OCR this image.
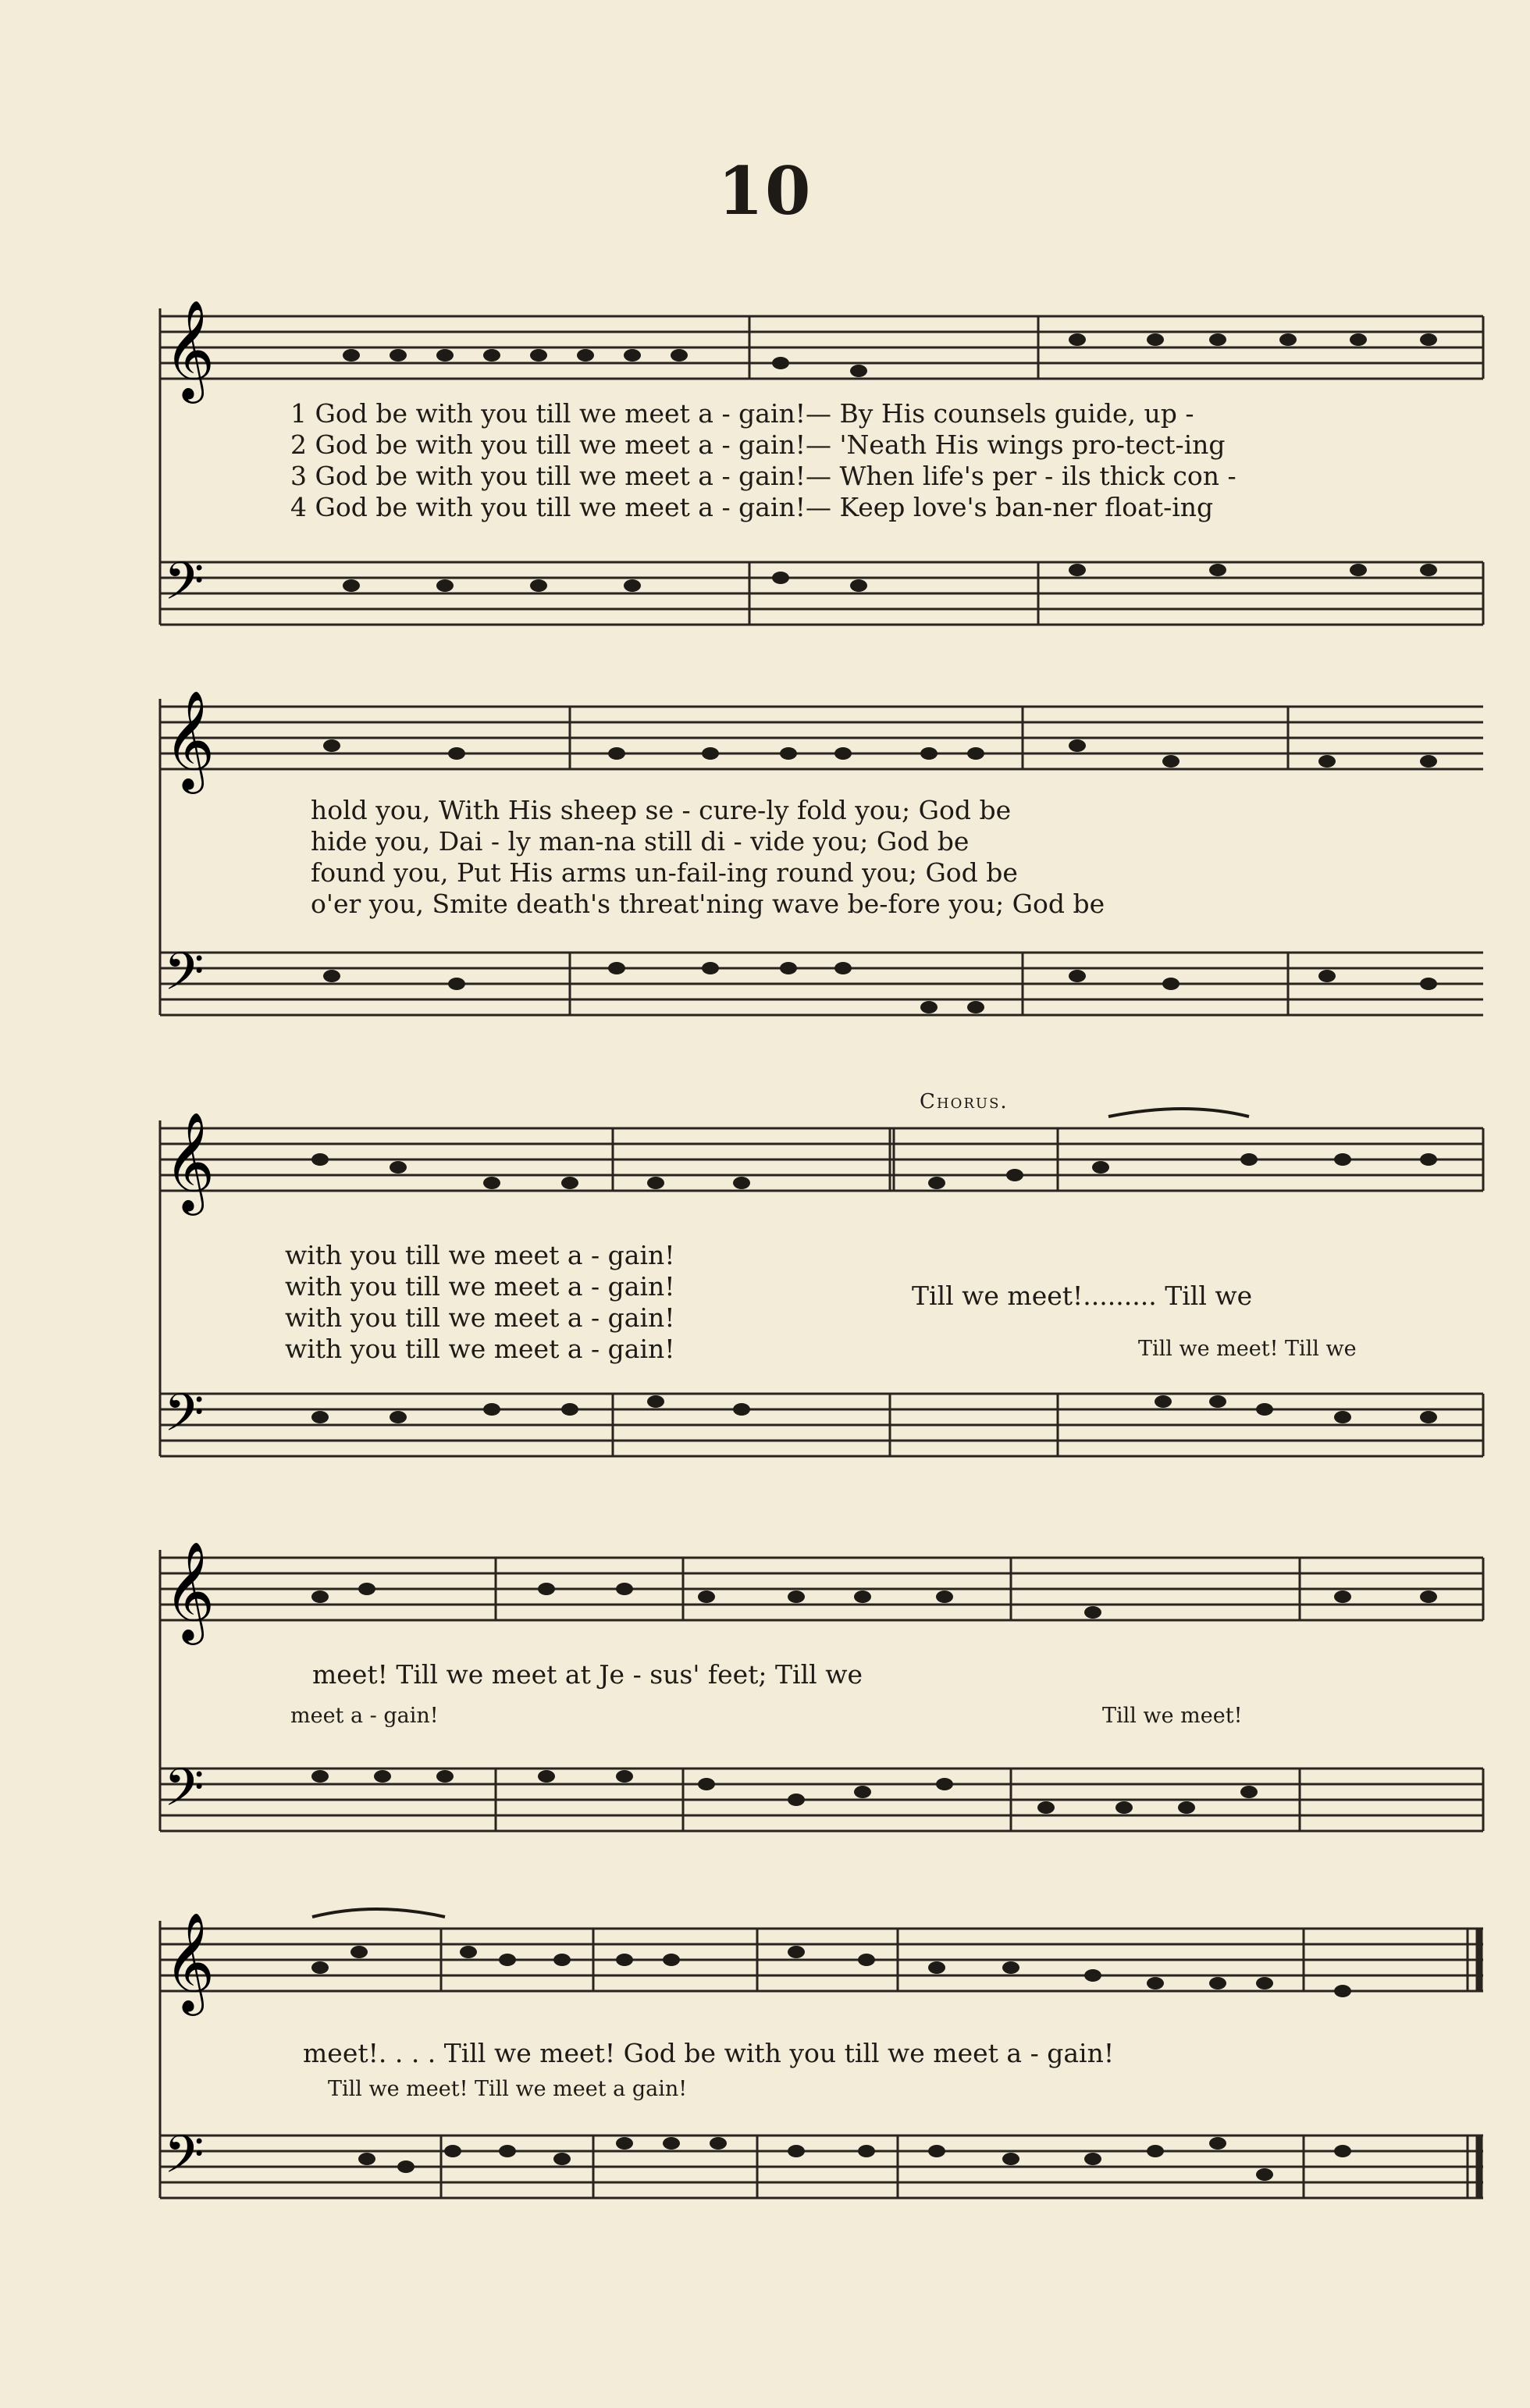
10
𝄞
1 God be with you till we meet a - gain!— By His counsels guide, up -
2 God be with you till we meet a - gain!— 'Neath His wings pro-tect-ing
3 God be with you till we meet a - gain!— When life's per - ils thick con -
4 God be with you till we meet a - gain!— Keep love's ban-ner float-ing
𝄢
𝄞
hold you, With His sheep se - cure-ly fold you; God be
hide you, Dai - ly man-na still di - vide you; God be
found you, Put His arms un-fail-ing round you; God be
o'er you, Smite death's threat'ning wave be-fore you; God be
𝄢
Chorus.
𝄞
with you till we meet a - gain!
with you till we meet a - gain!
with you till we meet a - gain!
with you till we meet a - gain!
Till we meet!......... Till we
Till we meet! Till we
𝄢
𝄞
meet! Till we meet at Je - sus' feet; Till we
meet a - gain!	Till we meet!
𝄢
𝄞
meet!. . . . Till we meet! God be with you till we meet a - gain!
Till we meet! Till we meet a gain!
𝄢
